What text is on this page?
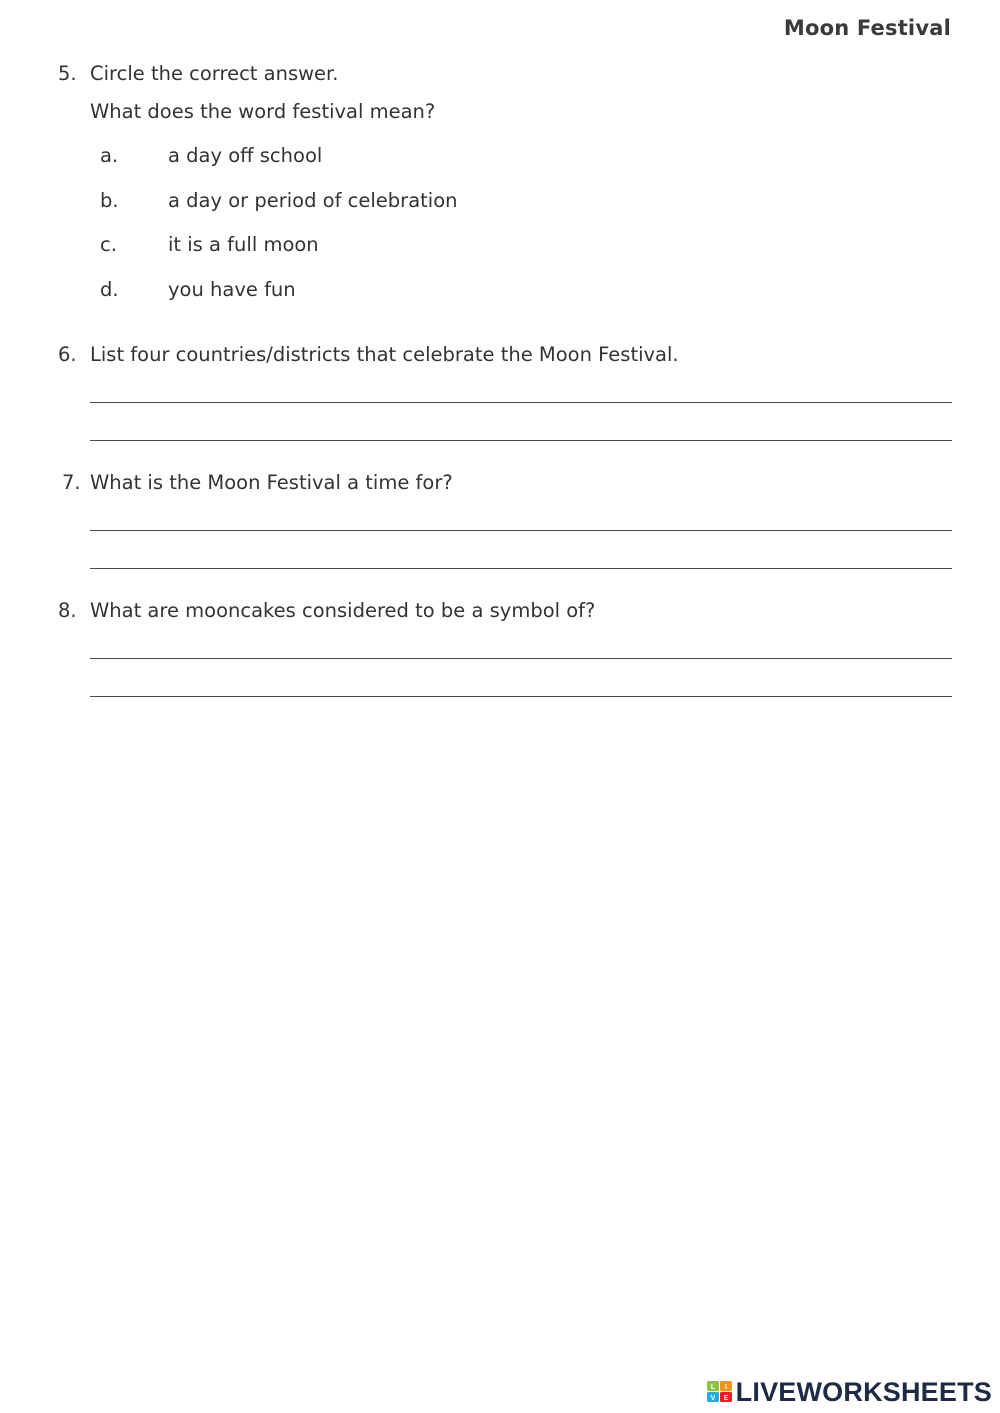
Moon Festival
5. Circle the correct answer.
What does the word festival mean?
a.	a day off school
b.	a day or period of celebration
c.	it is a full moon
d.	you have fun
6. List four countries/districts that celebrate the Moon Festival.
7. What is the Moon Festival a time for?
8. What are mooncakes considered to be a symbol of?
L I
V E LIVEWORKSHEETS
